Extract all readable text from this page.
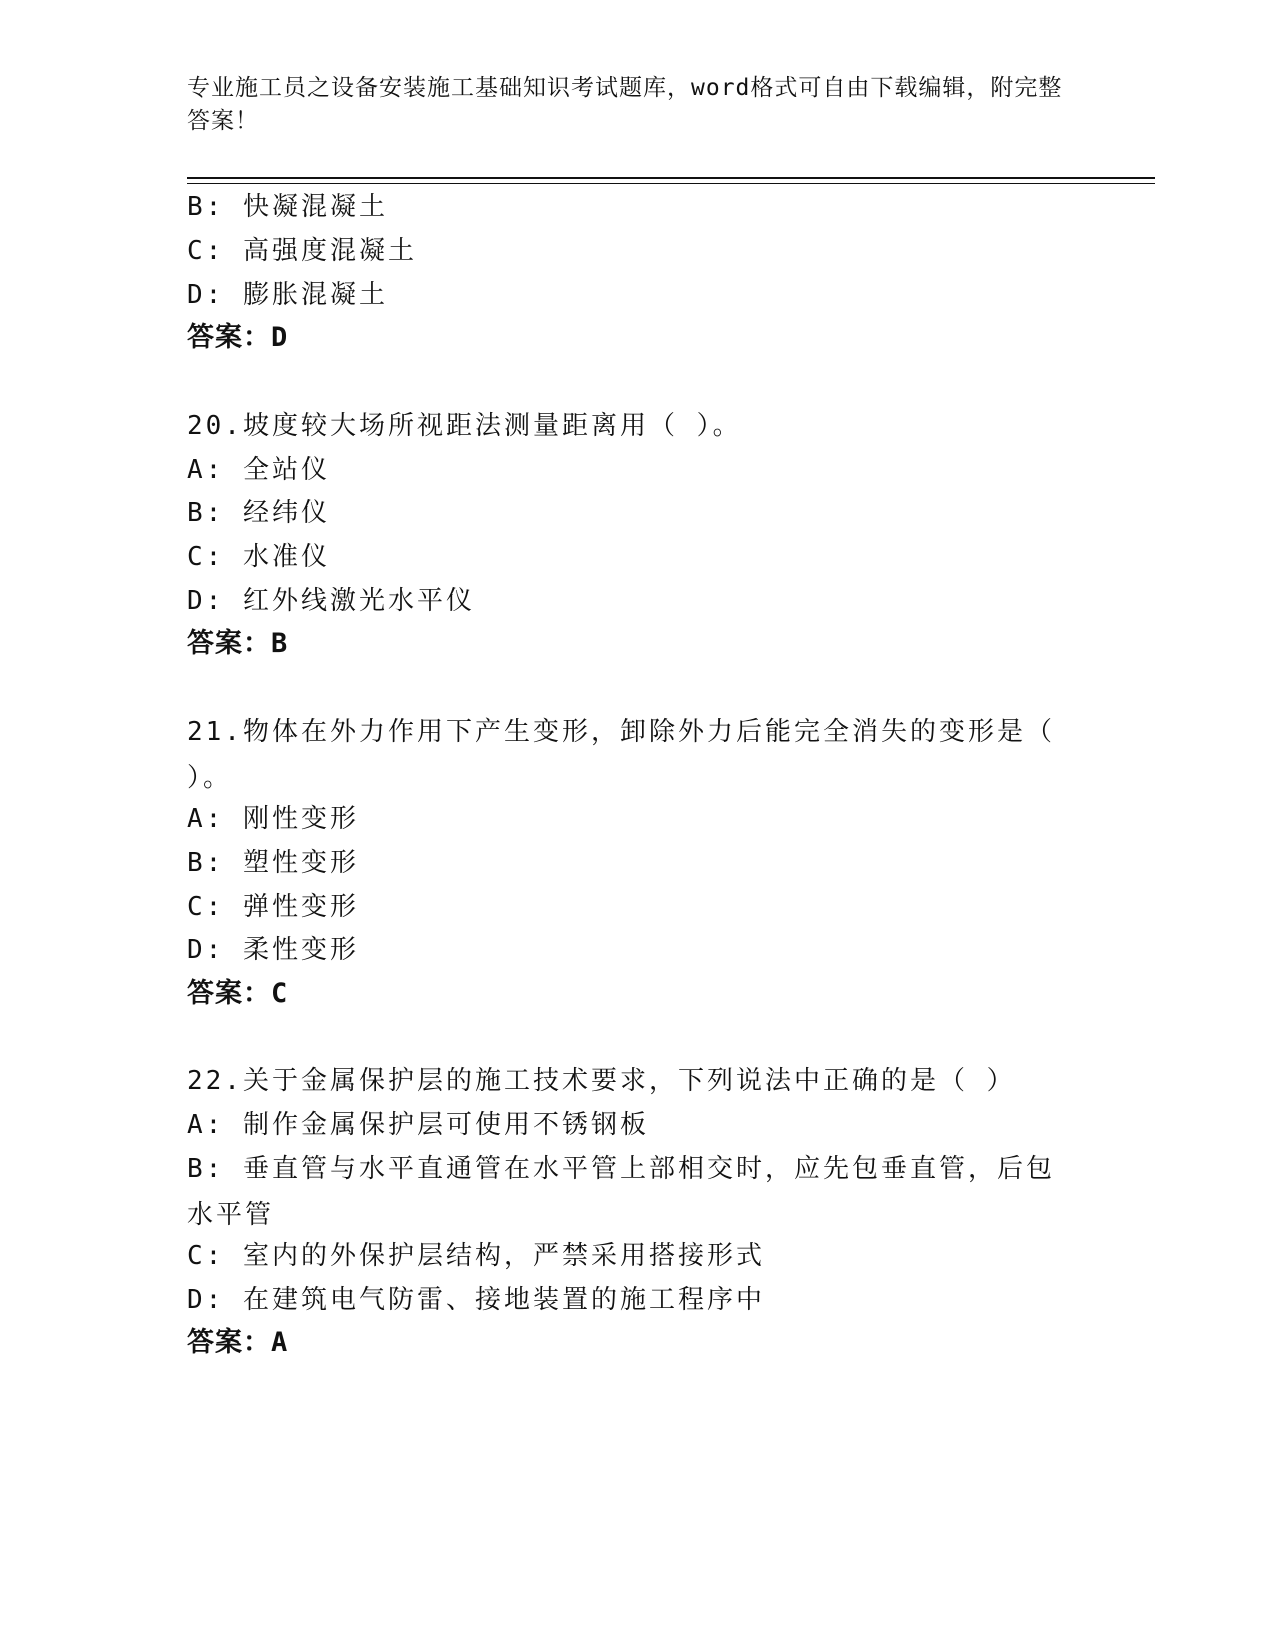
专业施工员之设备安装施工基础知识考试题库，word格式可自由下载编辑，附完整答案！
B: 快凝混凝土
C: 高强度混凝土
D: 膨胀混凝土
答案：D
20.坡度较大场所视距法测量距离用（ ）。
A: 全站仪
B: 经纬仪
C: 水准仪
D: 红外线激光水平仪
答案：B
21.物体在外力作用下产生变形，卸除外力后能完全消失的变形是（ ）。
A: 刚性变形
B: 塑性变形
C: 弹性变形
D: 柔性变形
答案：C
22.关于金属保护层的施工技术要求，下列说法中正确的是（ ）
A: 制作金属保护层可使用不锈钢板
B: 垂直管与水平直通管在水平管上部相交时，应先包垂直管，后包水平管
C: 室内的外保护层结构，严禁采用搭接形式
D: 在建筑电气防雷、接地装置的施工程序中
答案：A
